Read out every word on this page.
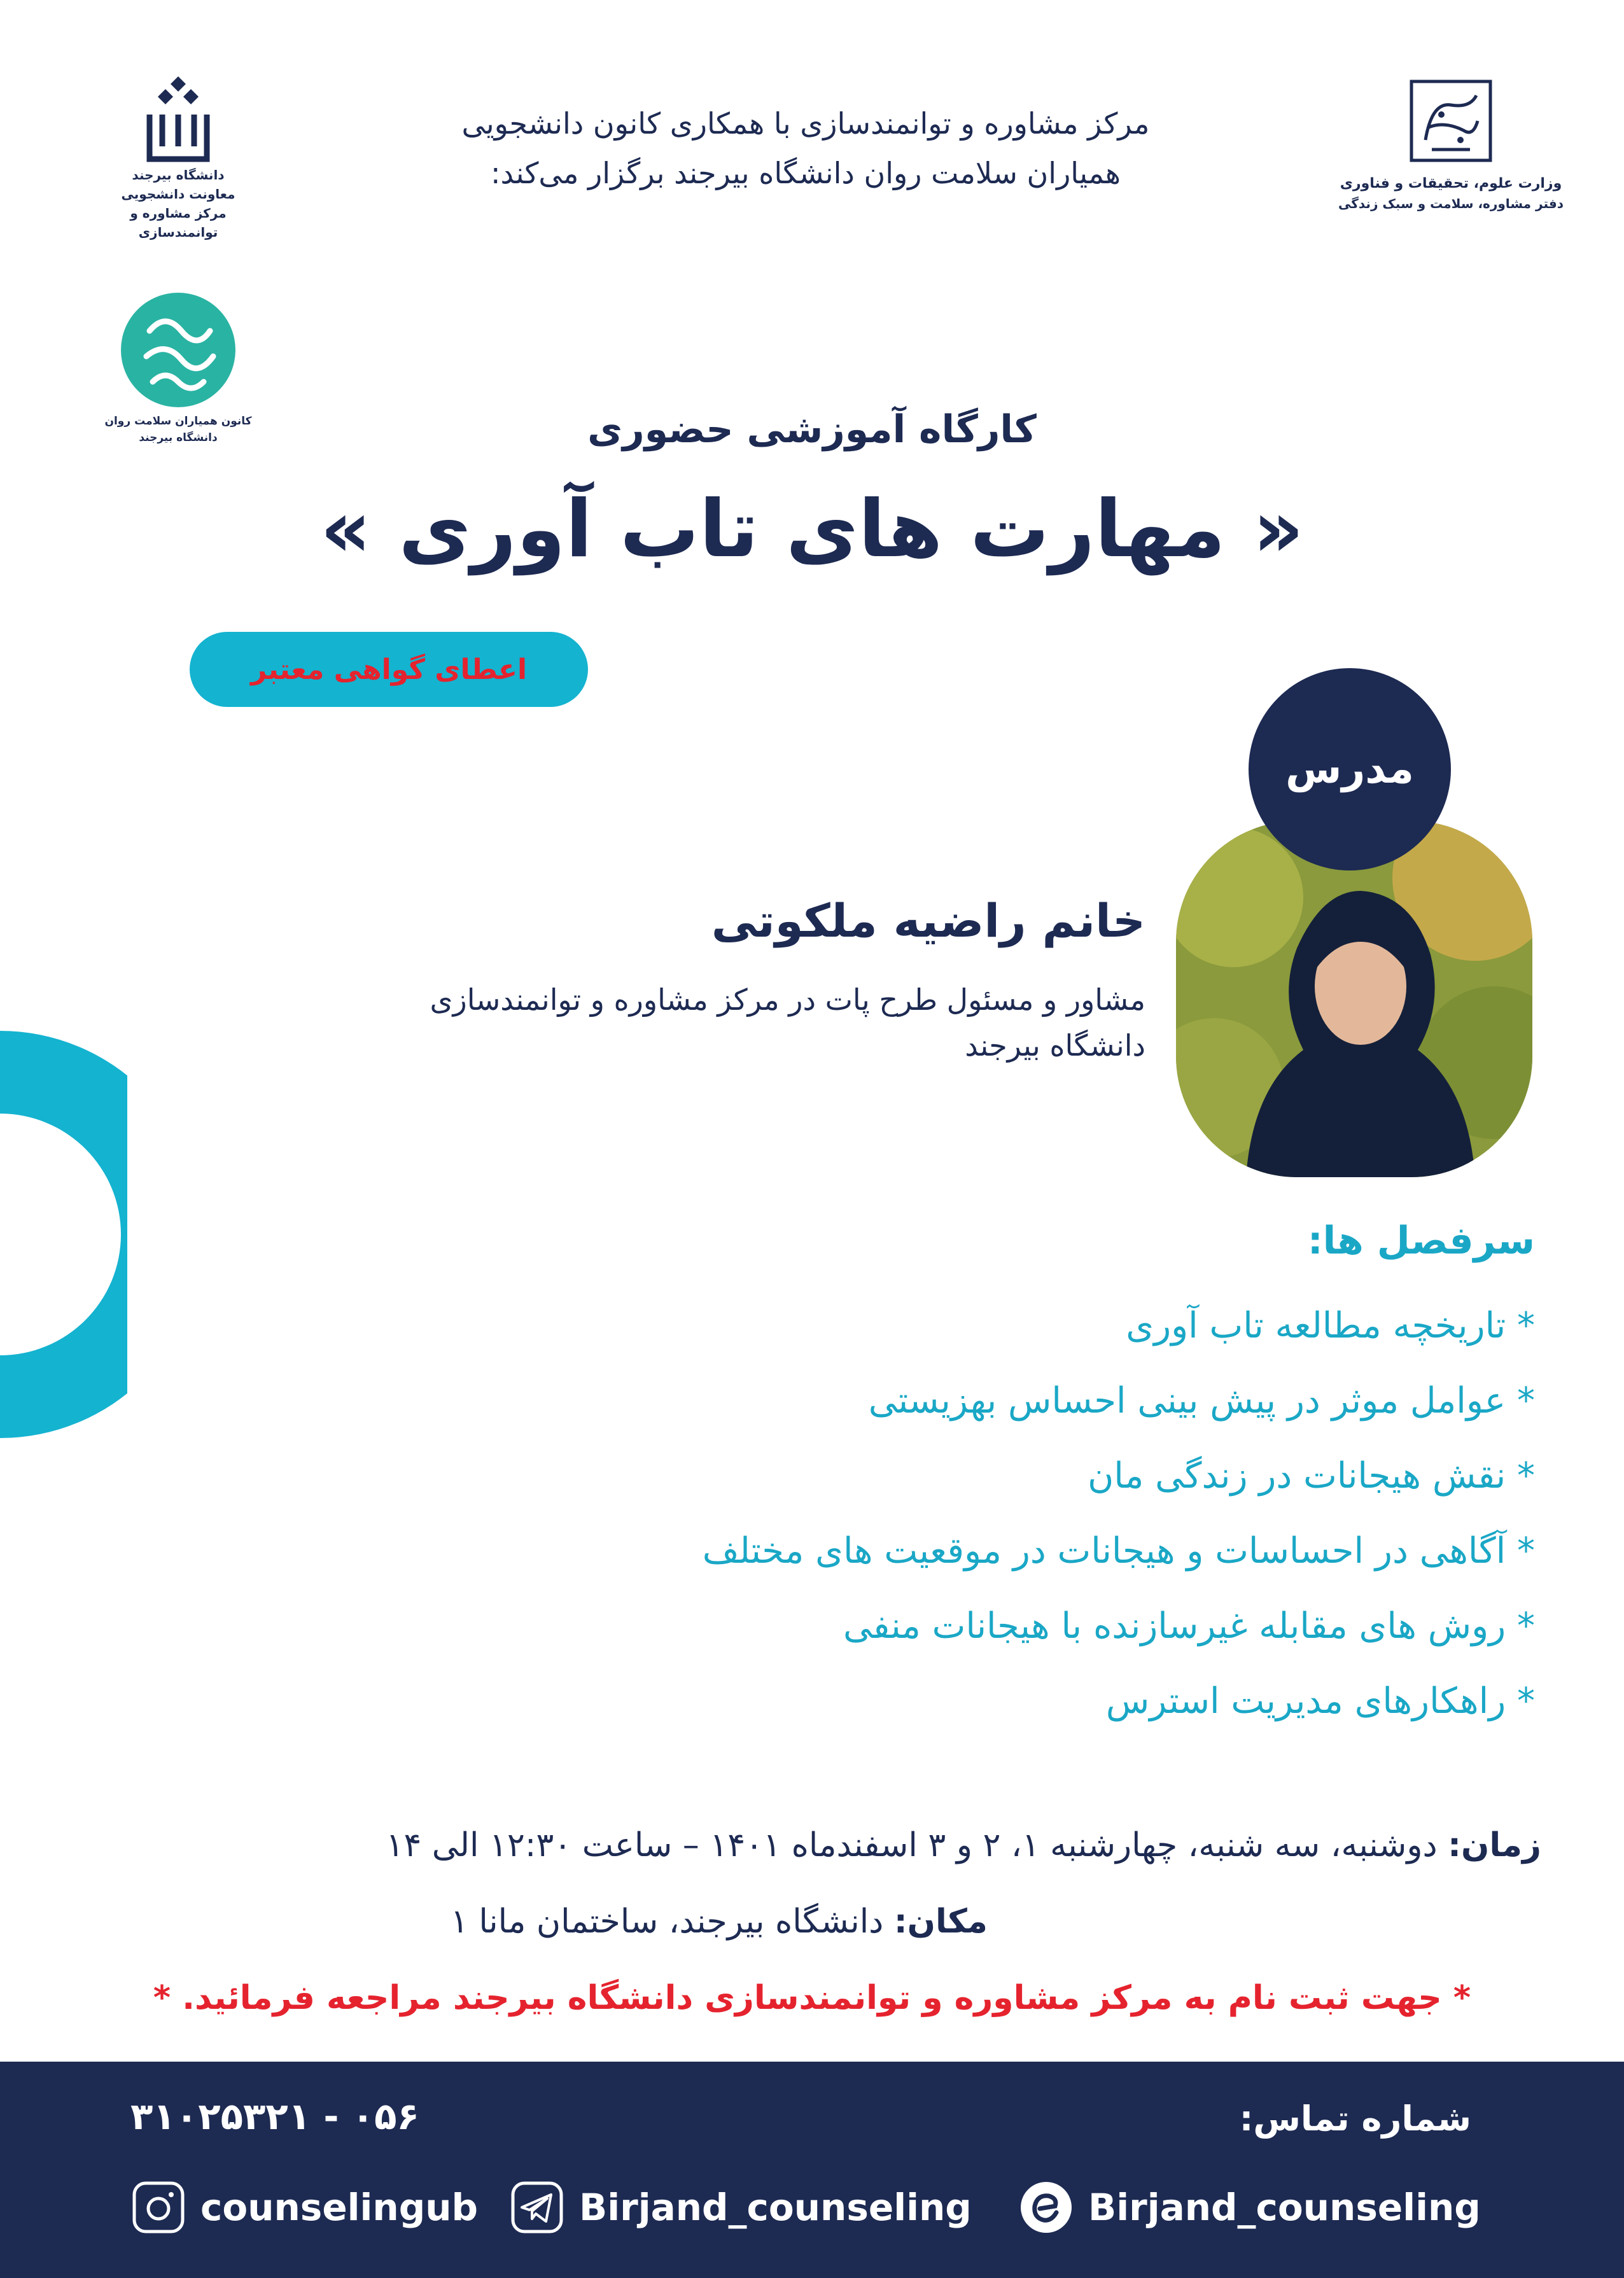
وزارت علوم، تحقیقات و فناوری
دفتر مشاوره، سلامت و سبک زندگی
دانشگاه بیرجند
معاونت دانشجویی
مرکز مشاوره و توانمندسازی
کانون همیاران سلامت روان
دانشگاه بیرجند
مرکز مشاوره و توانمندسازی با همکاری کانون دانشجویی
همیاران سلامت روان دانشگاه بیرجند برگزار می‌کند:
کارگاه آموزشی حضوری
« مهارت های تاب آوری »
اعطای گواهی معتبر
مدرس
خانم راضیه ملکوتی
مشاور و مسئول طرح پات در مرکز مشاوره و توانمندسازی
دانشگاه بیرجند
سرفصل ها:
* تاریخچه مطالعه تاب آوری
* عوامل موثر در پیش بینی احساس بهزیستی
* نقش هیجانات در زندگی مان
* آگاهی در احساسات و هیجانات در موقعیت های مختلف
* روش های مقابله غیرسازنده با هیجانات منفی
* راهکارهای مدیریت استرس
زمان: دوشنبه، سه شنبه، چهارشنبه ۱، ۲ و ۳ اسفندماه ۱۴۰۱ – ساعت ۱۲:۳۰ الی ۱۴
مکان: دانشگاه بیرجند، ساختمان مانا ۱
* جهت ثبت نام به مرکز مشاوره و توانمندسازی دانشگاه بیرجند مراجعه فرمائید. *
شماره تماس:
۰۵۶ - ۳۱۰۲۵۳۲۱
Birjand_counseling
Birjand_counseling
counselingub
